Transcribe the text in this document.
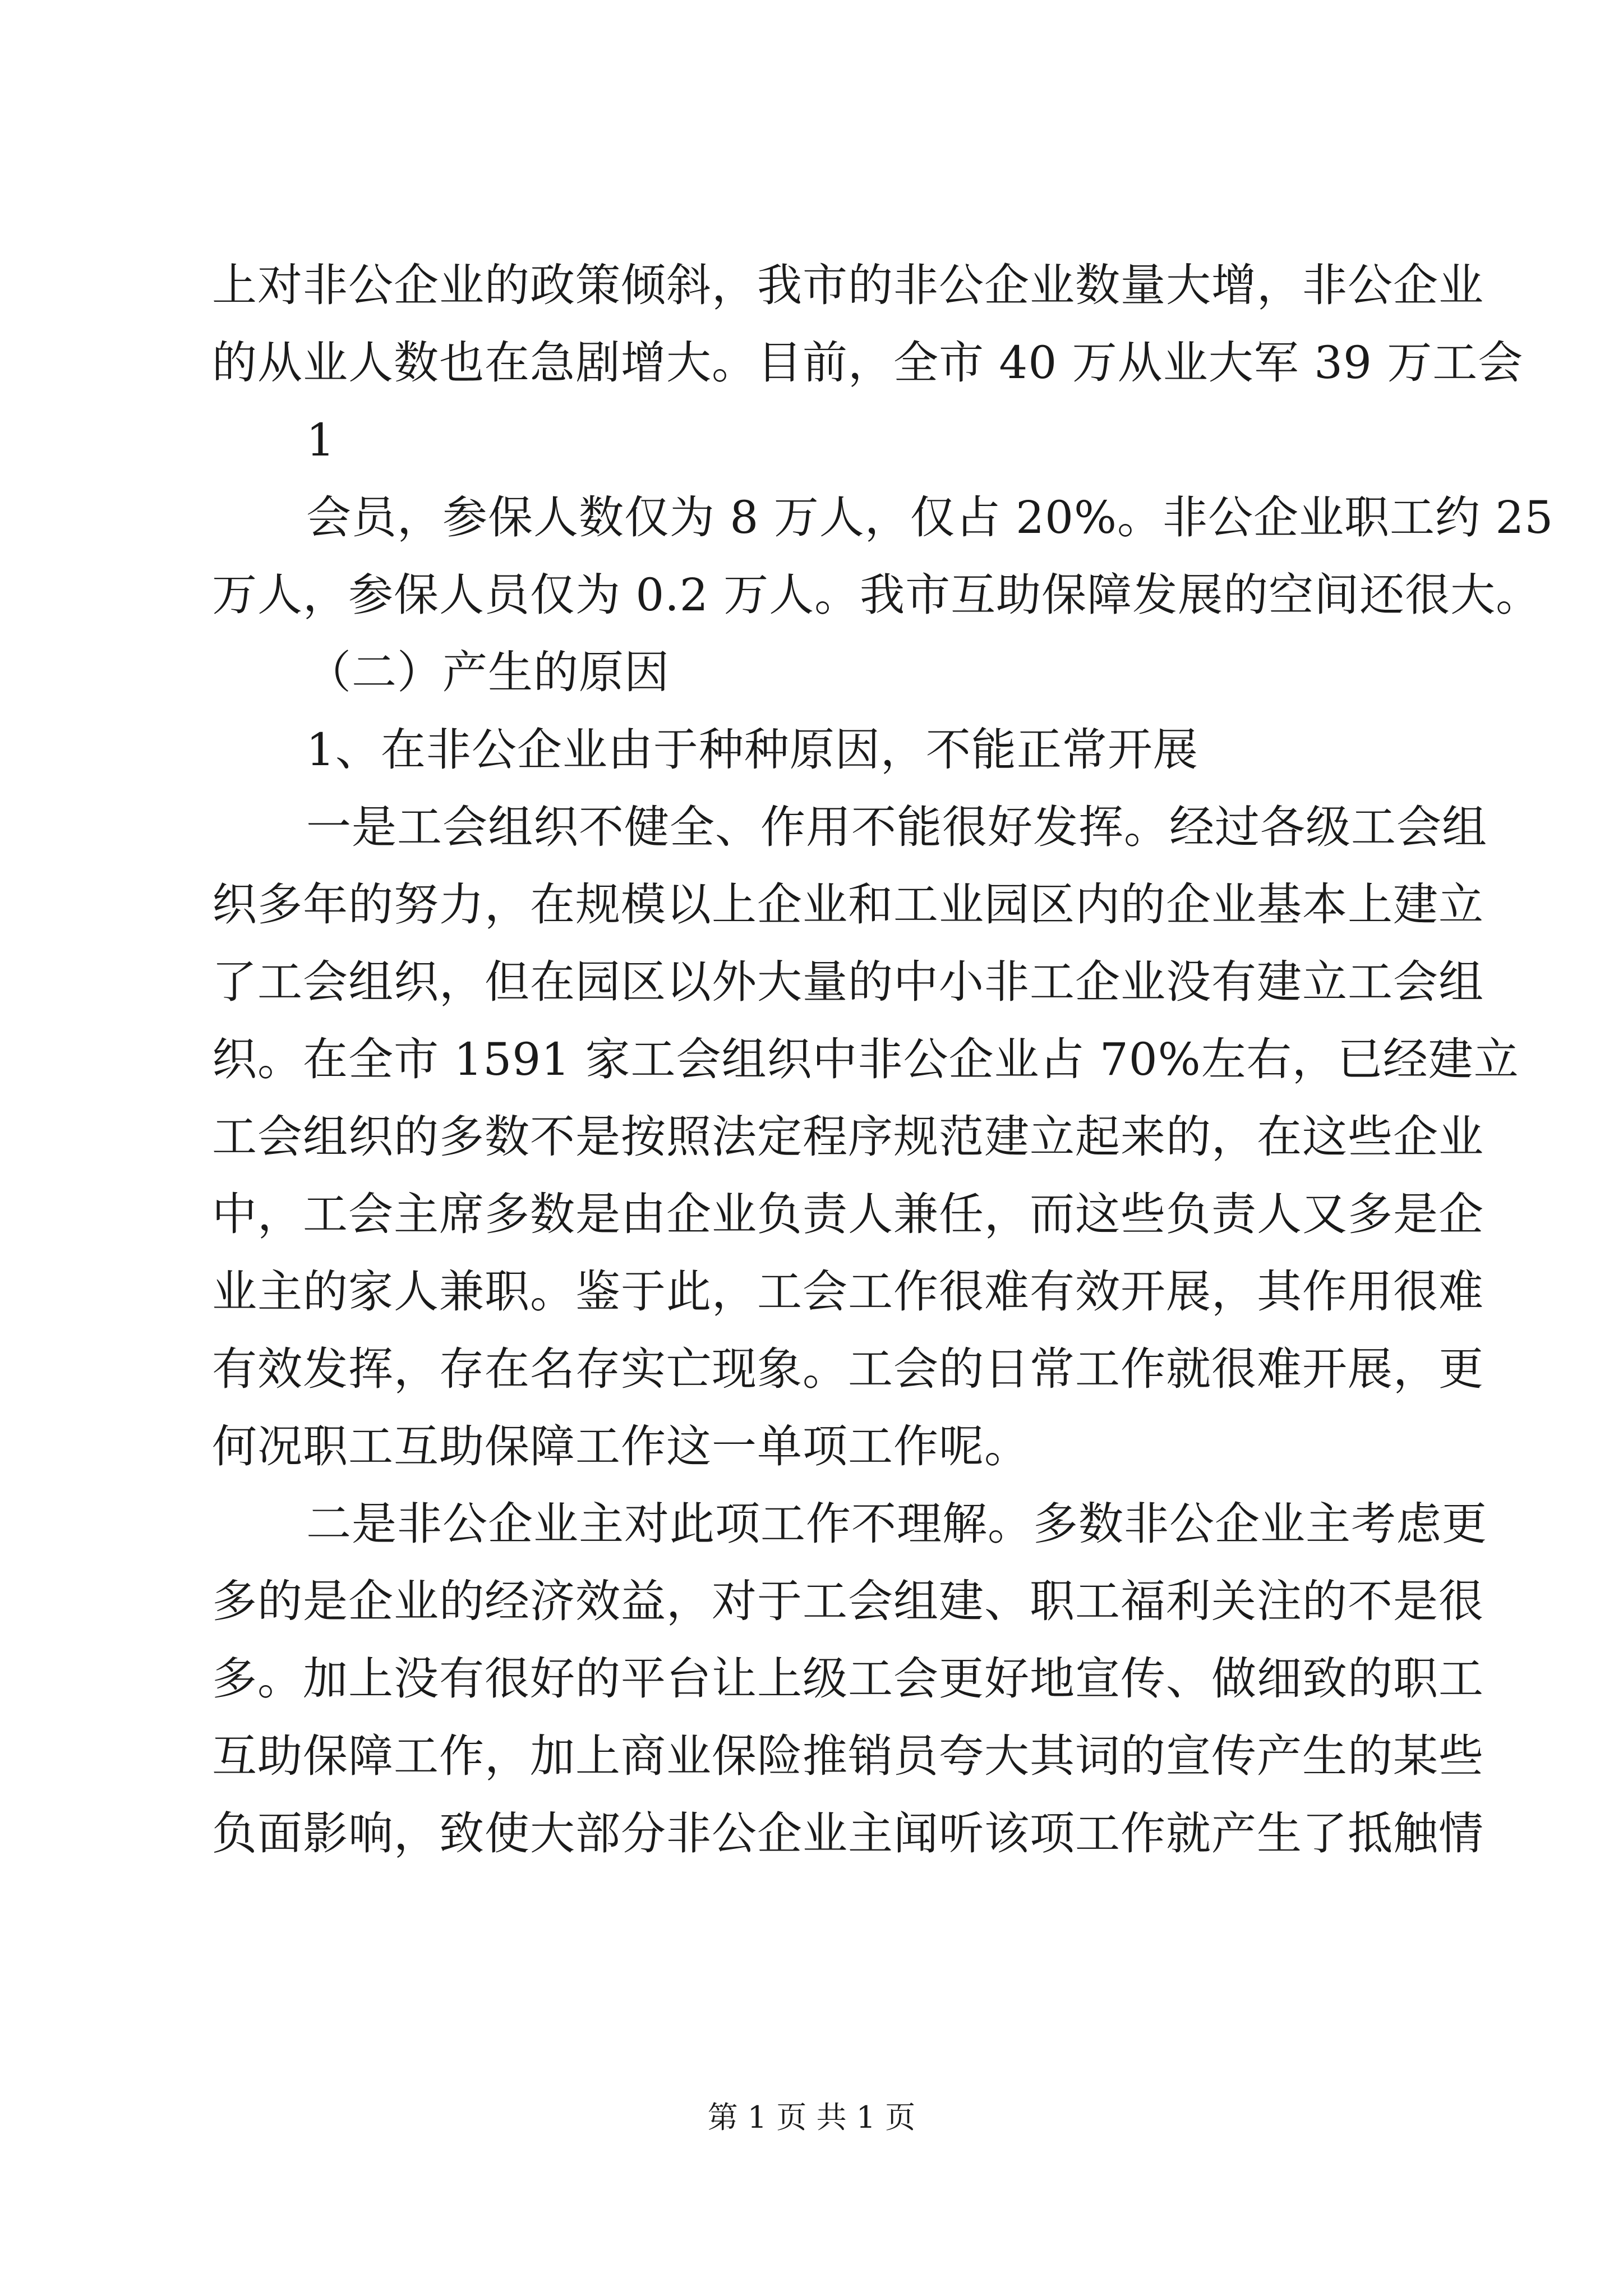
上对非公企业的政策倾斜，我市的非公企业数量大增，非公企业
的从业人数也在急剧增大。目前，全市 40 万从业大军 39 万工会
1
会员，参保人数仅为 8 万人，仅占 20%。非公企业职工约 25
万人，参保人员仅为 0.2 万人。我市互助保障发展的空间还很大。
（二）产生的原因
1、在非公企业由于种种原因，不能正常开展
一是工会组织不健全、作用不能很好发挥。经过各级工会组
织多年的努力，在规模以上企业和工业园区内的企业基本上建立
了工会组织，但在园区以外大量的中小非工企业没有建立工会组
织。在全市 1591 家工会组织中非公企业占 70%左右，已经建立
工会组织的多数不是按照法定程序规范建立起来的，在这些企业
中，工会主席多数是由企业负责人兼任，而这些负责人又多是企
业主的家人兼职。鉴于此，工会工作很难有效开展，其作用很难
有效发挥，存在名存实亡现象。工会的日常工作就很难开展，更
何况职工互助保障工作这一单项工作呢。
二是非公企业主对此项工作不理解。多数非公企业主考虑更
多的是企业的经济效益，对于工会组建、职工福利关注的不是很
多。加上没有很好的平台让上级工会更好地宣传、做细致的职工
互助保障工作，加上商业保险推销员夸大其词的宣传产生的某些
负面影响，致使大部分非公企业主闻听该项工作就产生了抵触情
第 1 页 共 1 页
